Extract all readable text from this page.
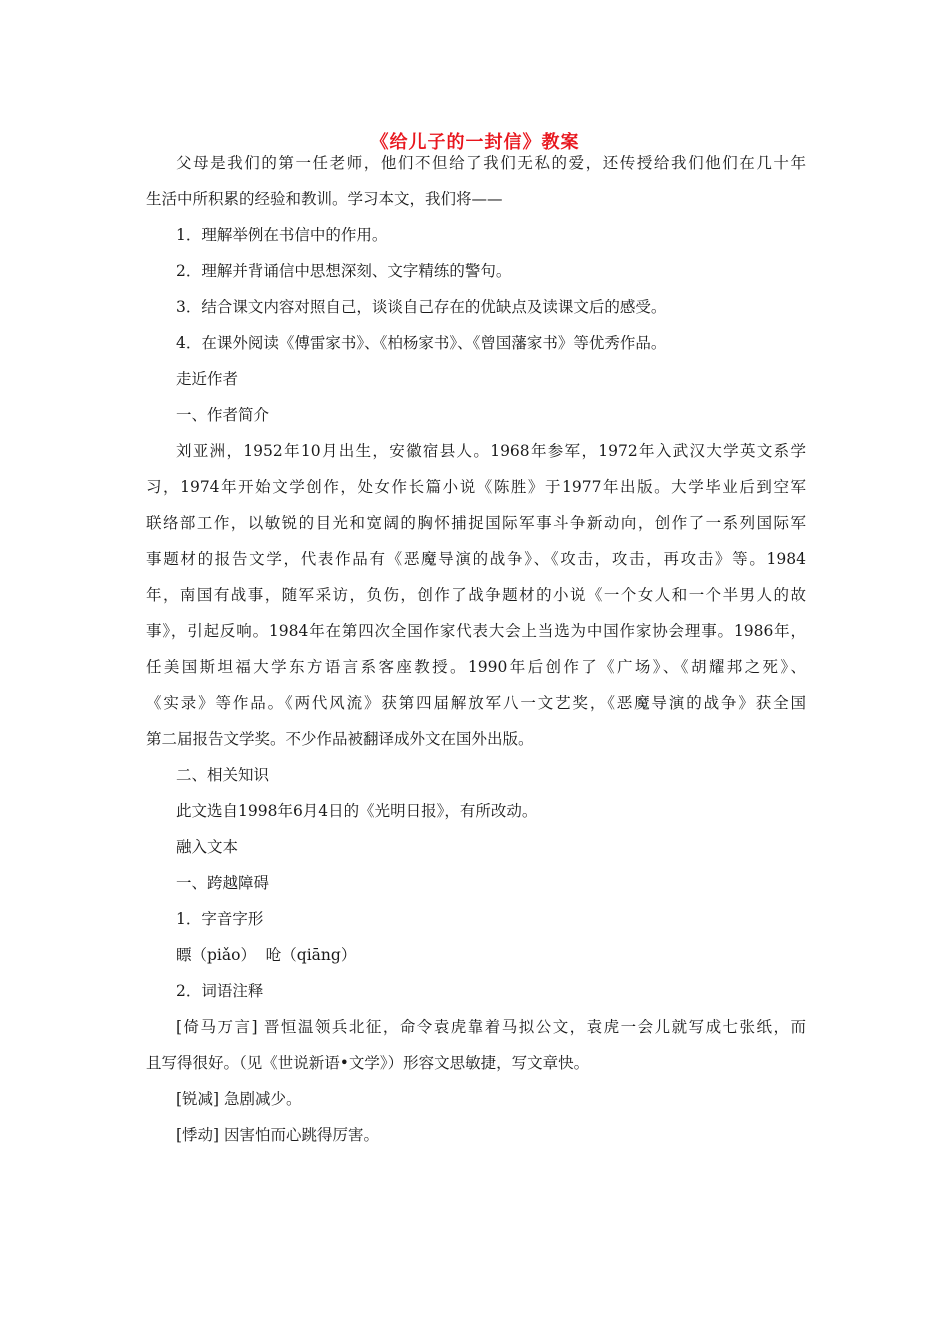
《给儿子的一封信》教案
父母是我们的第一任老师，他们不但给了我们无私的爱，还传授给我们他们在几十年
生活中所积累的经验和教训。学习本文，我们将——
1．理解举例在书信中的作用。
2．理解并背诵信中思想深刻、文字精练的警句。
3．结合课文内容对照自己，谈谈自己存在的优缺点及读课文后的感受。
4．在课外阅读《傅雷家书》、《柏杨家书》、《曾国藩家书》等优秀作品。
走近作者
一、作者简介
刘亚洲，1952年10月出生，安徽宿县人。1968年参军，1972年入武汉大学英文系学
习，1974年开始文学创作，处女作长篇小说《陈胜》于1977年出版。大学毕业后到空军
联络部工作，以敏锐的目光和宽阔的胸怀捕捉国际军事斗争新动向，创作了一系列国际军
事题材的报告文学，代表作品有《恶魔导演的战争》、《攻击，攻击，再攻击》等。1984
年，南国有战事，随军采访，负伤，创作了战争题材的小说《一个女人和一个半男人的故
事》，引起反响。1984年在第四次全国作家代表大会上当选为中国作家协会理事。1986年，
任美国斯坦福大学东方语言系客座教授。1990年后创作了《广场》、《胡耀邦之死》、
《实录》等作品。《两代风流》获第四届解放军八一文艺奖，《恶魔导演的战争》获全国
第二届报告文学奖。不少作品被翻译成外文在国外出版。
二、相关知识
此文选自1998年6月4日的《光明日报》，有所改动。
融入文本
一、跨越障碍
1．字音字形
瞟（piǎo）  呛（qiāng）
2．词语注释
[倚马万言] 晋恒温领兵北征，命令袁虎靠着马拟公文，袁虎一会儿就写成七张纸，而
且写得很好。（见《世说新语•文学》）形容文思敏捷，写文章快。
[锐减] 急剧减少。
[悸动] 因害怕而心跳得厉害。
